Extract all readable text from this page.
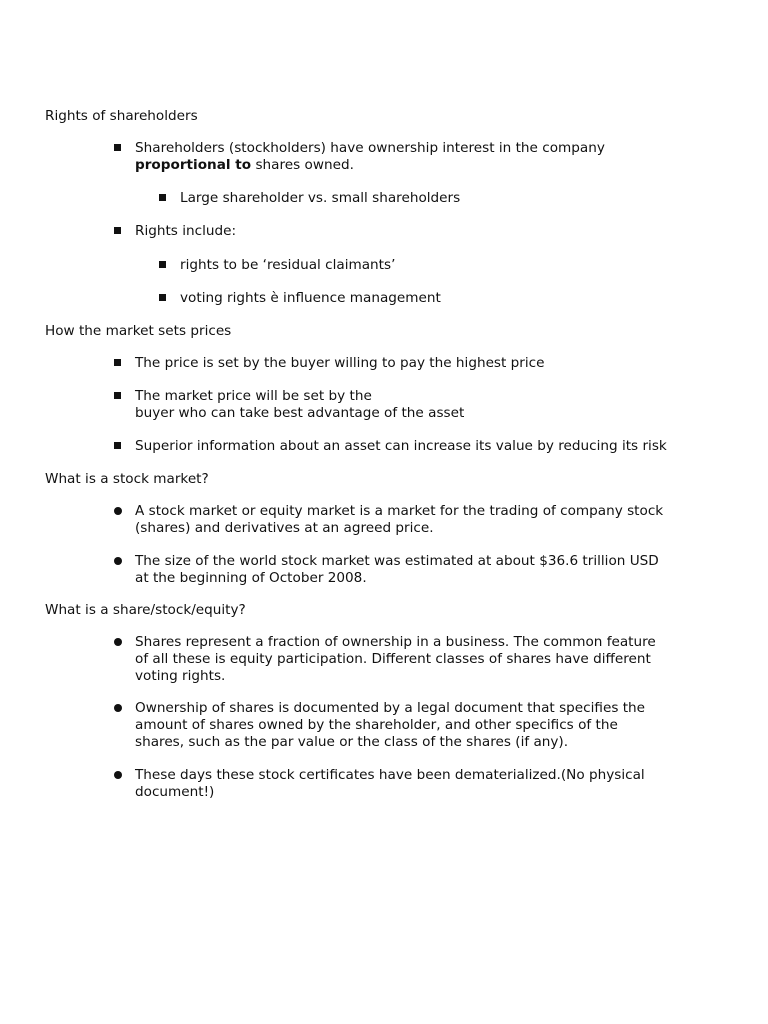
Rights of shareholders
Shareholders (stockholders) have ownership interest in the company
proportional to shares owned.
Large shareholder vs. small shareholders
Rights include:
rights to be ‘residual claimants’
voting rights è influence management
How the market sets prices
The price is set by the buyer willing to pay the highest price
The market price will be set by the
buyer who can take best advantage of the asset
Superior information about an asset can increase its value by reducing its risk
What is a stock market?
A stock market or equity market is a market for the trading of company stock
(shares) and derivatives at an agreed price.
The size of the world stock market was estimated at about $36.6 trillion USD
at the beginning of October 2008.
What is a share/stock/equity?
Shares represent a fraction of ownership in a business. The common feature
of all these is equity participation. Different classes of shares have different
voting rights.
Ownership of shares is documented by a legal document that specifies the
amount of shares owned by the shareholder, and other specifics of the
shares, such as the par value or the class of the shares (if any).
These days these stock certificates have been dematerialized.(No physical
document!)
